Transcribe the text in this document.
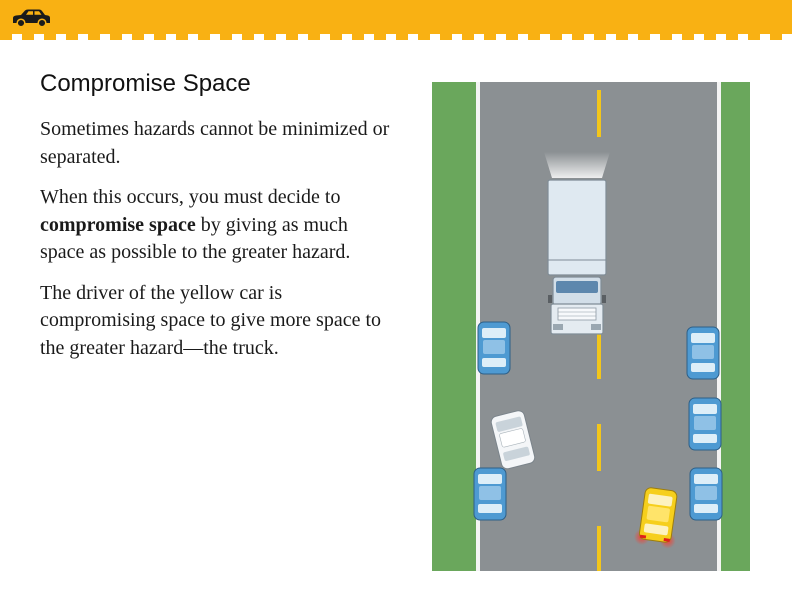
Compromise Space

Sometimes hazards cannot be minimized or separated.

When this occurs, you must decide to compromise space by giving as much space as possible to the greater hazard.

The driver of the yellow car is compromising space to give more space to the greater hazard—the truck.
